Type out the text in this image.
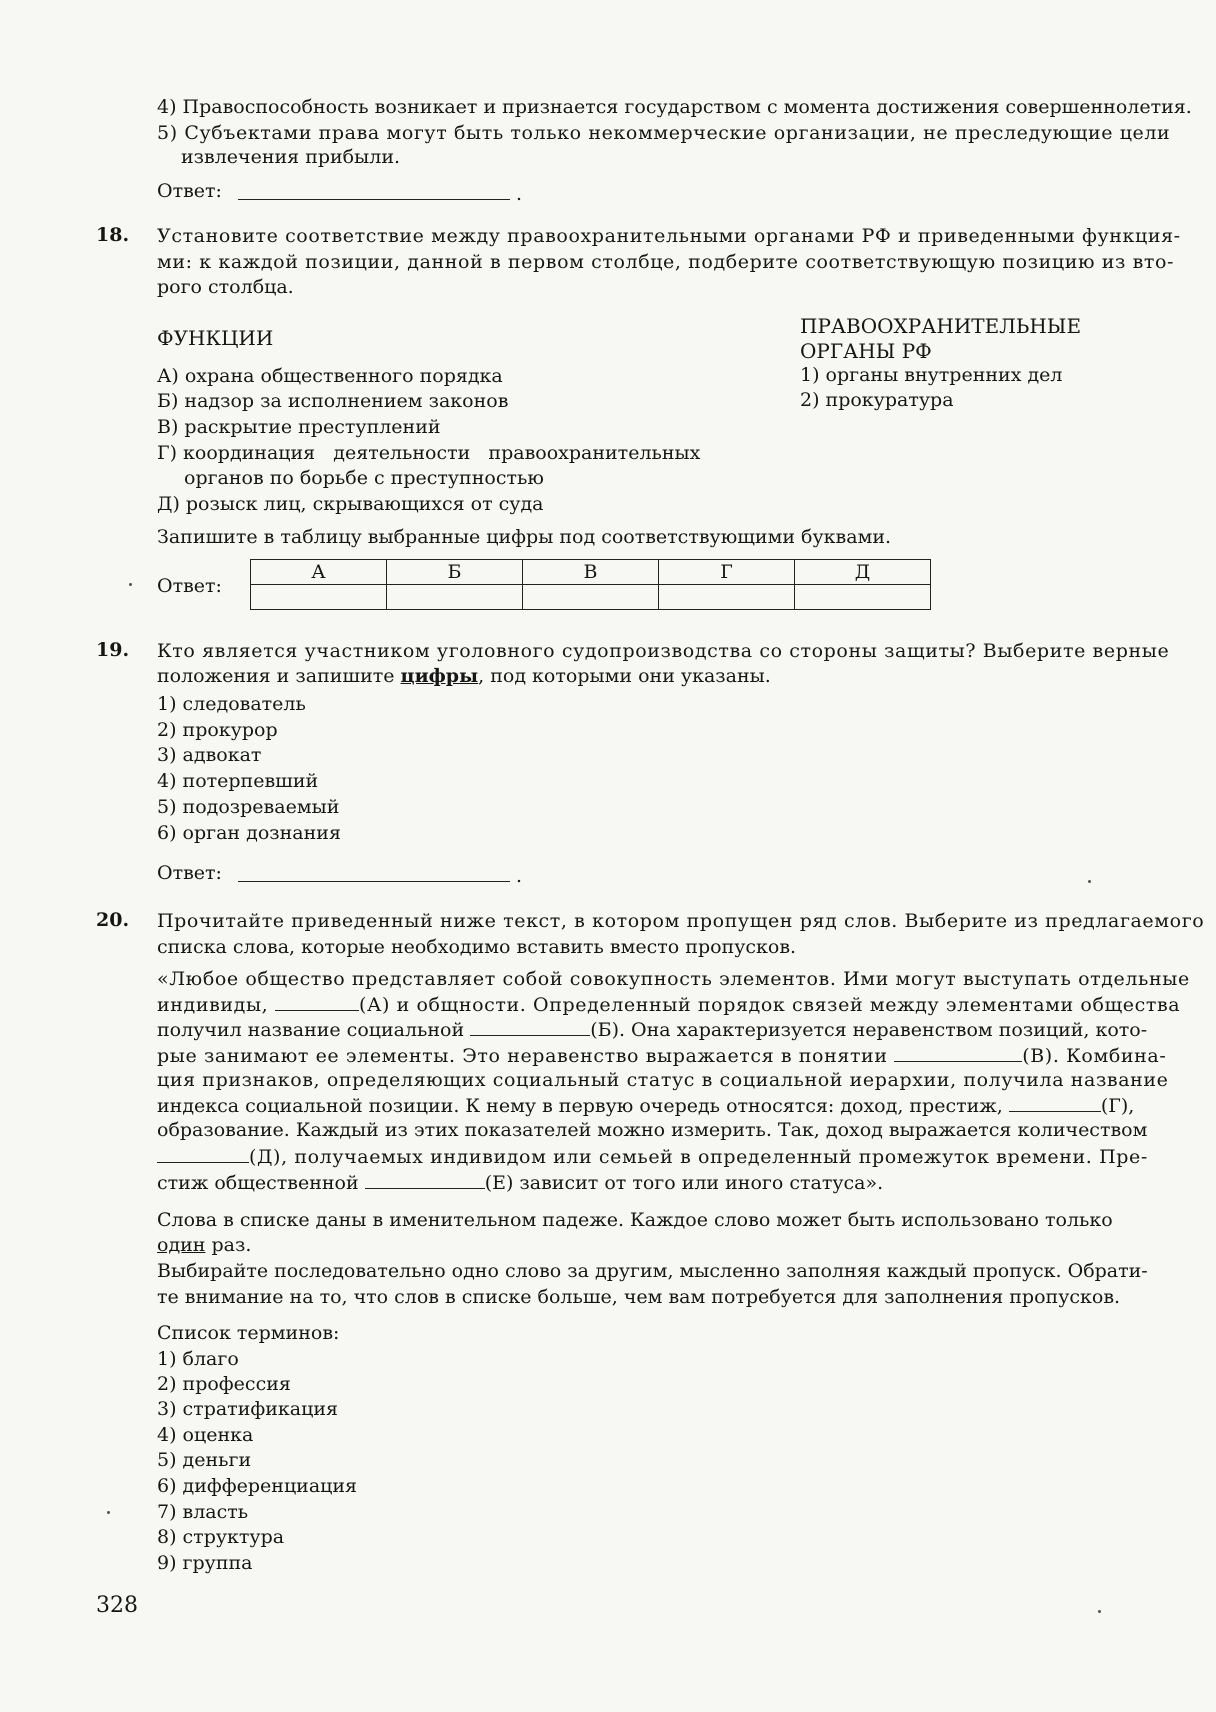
4) Правоспособность возникает и признается государством с момента достижения совершеннолетия.
5) Субъектами права могут быть только некоммерческие организации, не преследующие цели
извлечения прибыли.
Ответ:	.
18. Установите соответствие между правоохранительными органами РФ и приведенными функция-
ми: к каждой позиции, данной в первом столбце, подберите соответствующую позицию из вто-
рого столбца.
ФУНКЦИИ	ПРАВООХРАНИТЕЛЬНЫЕ
ОРГАНЫ РФ
А) охрана общественного порядка
Б) надзор за исполнением законов
В) раскрытие преступлений
Г) координация   деятельности   правоохранительных
органов по борьбе с преступностью
Д) розыск лиц, скрывающихся от суда
1) органы внутренних дел
2) прокуратура
Запишите в таблицу выбранные цифры под соответствующими буквами.
Ответ:
А	Б	В	Г	Д

19. Кто является участником уголовного судопроизводства со стороны защиты? Выберите верные
положения и запишите цифры, под которыми они указаны.
1) следователь
2) прокурор
3) адвокат
4) потерпевший
5) подозреваемый
6) орган дознания
Ответ:	.
20. Прочитайте приведенный ниже текст, в котором пропущен ряд слов. Выберите из предлагаемого
списка слова, которые необходимо вставить вместо пропусков.
«Любое общество представляет собой совокупность элементов. Ими могут выступать отдельные
индивиды,	(А) и общности. Определенный порядок связей между элементами общества
получил название социальной	(Б). Она характеризуется неравенством позиций, кото-
рые занимают ее элементы. Это неравенство выражается в понятии	(В). Комбина-
ция признаков, определяющих социальный статус в социальной иерархии, получила название
индекса социальной позиции. К нему в первую очередь относятся: доход, престиж,	(Г),
образование. Каждый из этих показателей можно измерить. Так, доход выражается количеством
(Д), получаемых индивидом или семьей в определенный промежуток времени. Пре-
стиж общественной	(Е) зависит от того или иного статуса».
Слова в списке даны в именительном падеже. Каждое слово может быть использовано только
один раз.
Выбирайте последовательно одно слово за другим, мысленно заполняя каждый пропуск. Обрати-
те внимание на то, что слов в списке больше, чем вам потребуется для заполнения пропусков.
Список терминов:
1) благо
2) профессия
3) стратификация
4) оценка
5) деньги
6) дифференциация
7) власть
8) структура
9) группа
328
